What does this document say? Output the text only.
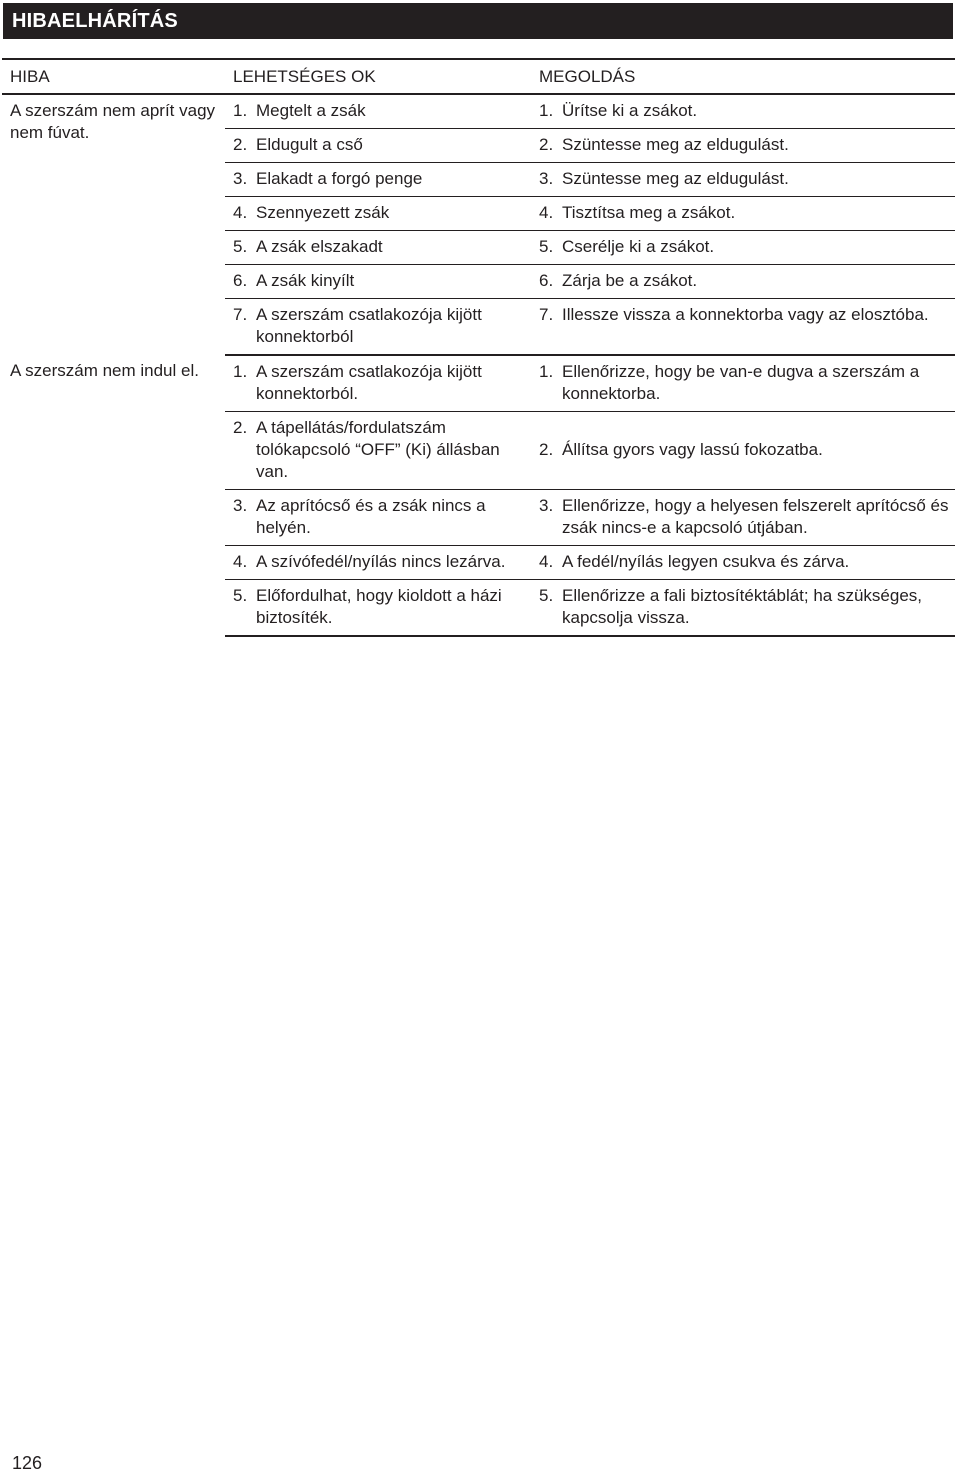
HIBAELHÁRÍTÁS
HIBA	LEHETSÉGES OK	MEGOLDÁS
A szerszám nem aprít vagy nem fúvat.	1. Megtelt a zsák	1. Ürítse ki a zsákot.

	2. Eldugult a cső	2. Szüntesse meg az eldugulást.

	3. Elakadt a forgó penge	3. Szüntesse meg az eldugulást.

	4. Szennyezett zsák	4. Tisztítsa meg a zsákot.

	5. A zsák elszakadt	5. Cserélje ki a zsákot.

	6. A zsák kinyílt	6. Zárja be a zsákot.

	7. A szerszám csatlakozója kijött konnektorból	7. Illessze vissza a konnektorba vagy az elosztóba.

A szerszám nem indul el.	1. A szerszám csatlakozója kijött konnektorból.	1. Ellenőrizze, hogy be van-e dugva a szerszám a konnektorba.

	2. A tápellátás/fordulatszám tolókapcsoló “OFF” (Ki) állásban van.	2. Állítsa gyors vagy lassú fokozatba.

	3. Az aprítócső és a zsák nincs a helyén.	3. Ellenőrizze, hogy a helyesen felszerelt aprítócső és zsák nincs-e a kapcsoló útjában.

	4. A szívófedél/nyílás nincs lezárva.	4. A fedél/nyílás legyen csukva és zárva.

	5. Előfordulhat, hogy kioldott a házi biztosíték.	5. Ellenőrizze a fali biztosítéktáblát; ha szükséges, kapcsolja vissza.
126
